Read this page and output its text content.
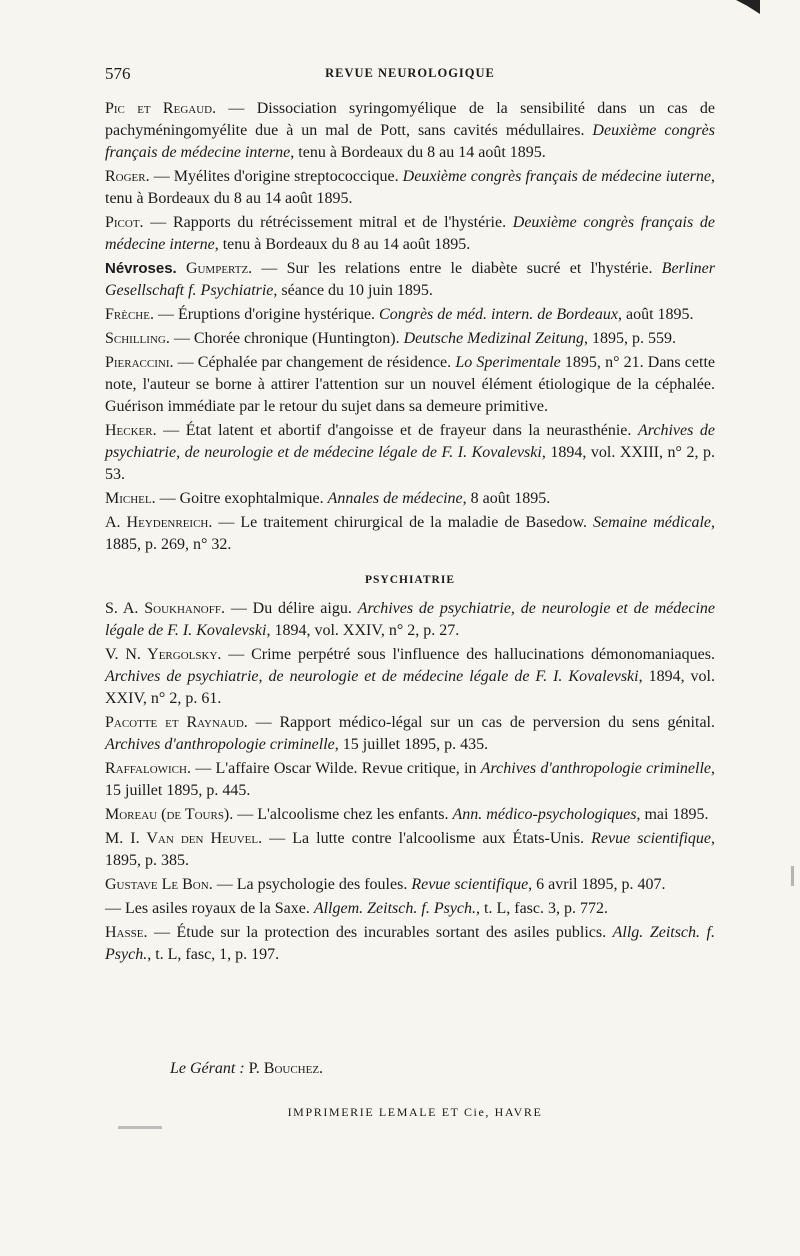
576	REVUE NEUROLOGIQUE

Pic et Regaud. — Dissociation syringomyélique de la sensibilité dans un cas de pachyméningomyélite due à un mal de Pott, sans cavités médullaires. Deuxième congrès français de médecine interne, tenu à Bordeaux du 8 au 14 août 1895.

Roger. — Myélites d'origine streptococcique. Deuxième congrès français de médecine iuterne, tenu à Bordeaux du 8 au 14 août 1895.

Picot. — Rapports du rétrécissement mitral et de l'hystérie. Deuxième congrès français de médecine interne, tenu à Bordeaux du 8 au 14 août 1895.

Névroses. Gumpertz. — Sur les relations entre le diabète sucré et l'hystérie. Berliner Gesellschaft f. Psychiatrie, séance du 10 juin 1895.

Frèche. — Éruptions d'origine hystérique. Congrès de méd. intern. de Bordeaux, août 1895.

Schilling. — Chorée chronique (Huntington). Deutsche Medizinal Zeitung, 1895, p. 559.

Pieraccini. — Céphalée par changement de résidence. Lo Sperimentale 1895, n° 21. Dans cette note, l'auteur se borne à attirer l'attention sur un nouvel élément étiologique de la céphalée. Guérison immédiate par le retour du sujet dans sa demeure primitive.

Hecker. — État latent et abortif d'angoisse et de frayeur dans la neurasthénie. Archives de psychiatrie, de neurologie et de médecine légale de F. I. Kovalevski, 1894, vol. XXIII, n° 2, p. 53.

Michel. — Goitre exophtalmique. Annales de médecine, 8 août 1895.

A. Heydenreich. — Le traitement chirurgical de la maladie de Basedow. Semaine médicale, 1885, p. 269, n° 32.

PSYCHIATRIE

S. A. Soukhanoff. — Du délire aigu. Archives de psychiatrie, de neurologie et de médecine légale de F. I. Kovalevski, 1894, vol. XXIV, n° 2, p. 27.

V. N. Yergolsky. — Crime perpétré sous l'influence des hallucinations démonomaniaques. Archives de psychiatrie, de neurologie et de médecine légale de F. I. Kovalevski, 1894, vol. XXIV, n° 2, p. 61.

Pacotte et Raynaud. — Rapport médico-légal sur un cas de perversion du sens génital. Archives d'anthropologie criminelle, 15 juillet 1895, p. 435.

Raffalowich. — L'affaire Oscar Wilde. Revue critique, in Archives d'anthropologie criminelle, 15 juillet 1895, p. 445.

Moreau (de Tours). — L'alcoolisme chez les enfants. Ann. médico-psychologiques, mai 1895.

M. I. Van den Heuvel. — La lutte contre l'alcoolisme aux États-Unis. Revue scientifique, 1895, p. 385.

Gustave Le Bon. — La psychologie des foules. Revue scientifique, 6 avril 1895, p. 407.

— Les asiles royaux de la Saxe. Allgem. Zeitsch. f. Psych., t. L, fasc. 3, p. 772.

Hasse. — Étude sur la protection des incurables sortant des asiles publics. Allg. Zeitsch. f. Psych., t. L, fasc, 1, p. 197.

Le Gérant : P. Bouchez.
IMPRIMERIE LEMALE ET Cie, HAVRE
